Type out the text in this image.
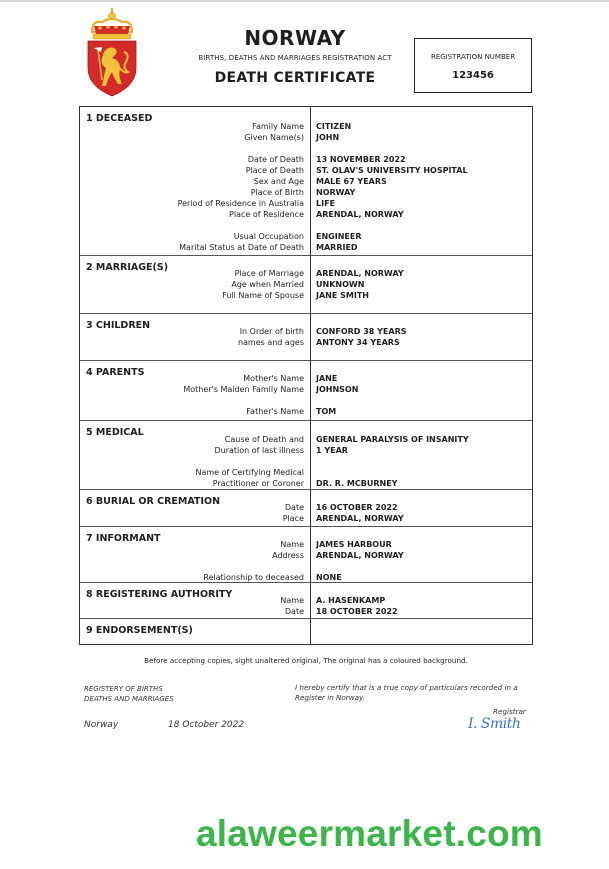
NORWAY
BIRTHS, DEATHS AND MARRIAGES REGISTRATION ACT
DEATH CERTIFICATE
REGISTRATION NUMBER
123456
1 DECEASED
Family Name
Given Name(s)
Date of Death
Place of Death
Sex and Age
Place of Birth
Period of Residence in Australia
Place of Residence
Usual Occupation
Marital Status at Date of Death
CITIZEN
JOHN
13 NOVEMBER 2022
ST. OLAV'S UNIVERSITY HOSPITAL
MALE 67 YEARS
NORWAY
LIFE
ARENDAL, NORWAY
ENGINEER
MARRIED
2 MARRIAGE(S)
Place of Marriage
Age when Married
Full Name of Spouse
ARENDAL, NORWAY
UNKNOWN
JANE SMITH
3 CHILDREN
In Order of birth
names and ages
CONFORD 38 YEARS
ANTONY 34 YEARS
4 PARENTS
Mother's Name
Mother's Maiden Family Name
Father's Name
JANE
JOHNSON
TOM
5 MEDICAL
Cause of Death and
Duration of last illness
Name of Certifying Medical
Practitioner or Coroner
GENERAL PARALYSIS OF INSANITY
1 YEAR
DR. R. MCBURNEY
6 BURIAL OR CREMATION
Date
Place
16 OCTOBER 2022
ARENDAL, NORWAY
7 INFORMANT
Name
Address
Relationship to deceased
JAMES HARBOUR
ARENDAL, NORWAY
NONE
8 REGISTERING AUTHORITY
Name
Date
A. HASENKAMP
18 OCTOBER 2022
9 ENDORSEMENT(S)
Before accepting copies, sight unaltered original, The original has a coloured background.
REGISTERY OF BIRTHS
DEATHS AND MARRIAGES
I hereby certify that is a true copy of particulars recorded in a
Register in Norway.
Registrar
Norway	18 October 2022	I. Smith
alaweermarket.com
